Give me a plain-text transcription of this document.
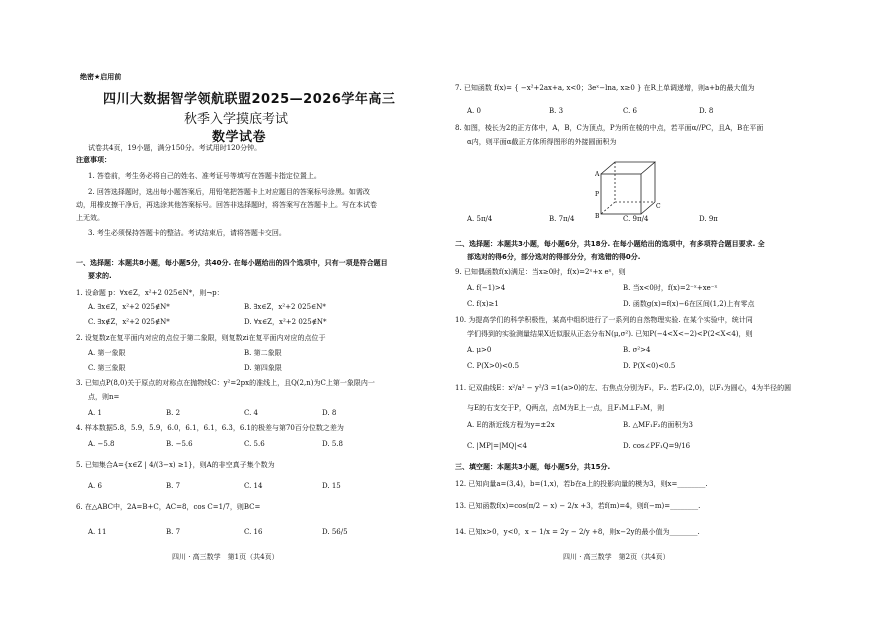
绝密★启用前
四川大数据智学领航联盟2025—2026学年高三
秋季入学摸底考试
数学试卷
试卷共4页，19小题，满分150分。考试用时120分钟。
注意事项：
1. 答卷前，考生务必将自己的姓名、准考证号等填写在答题卡指定位置上。
2. 回答选择题时，选出每小题答案后，用铅笔把答题卡上对应题目的答案标号涂黑。如需改
动，用橡皮擦干净后，再选涂其他答案标号。回答非选择题时，将答案写在答题卡上。写在本试卷
上无效。
3. 考生必须保持答题卡的整洁。考试结束后，请将答题卡交回。
一、选择题：本题共8小题，每小题5分，共40分. 在每小题给出的四个选项中，只有一项是符合题目
要求的.
1. 设命题 p：∀x∈Z，x²+2 025∈N*，则¬p：
A. ∃x∈Z，x²+2 025∉N*	B. ∃x∈Z，x²+2 025∈N*
C. ∃x∉Z，x²+2 025∉N*	D. ∀x∈Z，x²+2 025∉N*
2. 设复数z在复平面内对应的点位于第二象限，则复数zi在复平面内对应的点位于
A. 第一象限	B. 第二象限
C. 第三象限	D. 第四象限
3. 已知点P(8,0)关于原点的对称点在抛物线C：y²=2px的准线上，且Q(2,n)为C上第一象限内一
点，则n=
A. 1	B. 2	C. 4	D. 8
4. 样本数据5.8，5.9，5.9，6.0，6.1，6.1，6.3，6.1的极差与第70百分位数之差为
A. −5.8	B. −5.6	C. 5.6	D. 5.8
5. 已知集合A={x∈Z | 4/(3−x) ≥1}，则A的非空真子集个数为
A. 6	B. 7	C. 14	D. 15
6. 在△ABC中，2A=B+C，AC=8，cos C=1/7，则BC=
A. 11	B. 7	C. 16	D. 56/5
四川 · 高三数学　第1页（共4页）
7. 已知函数 f(x)= { −x²+2ax+a, x<0；3eˣ−lna, x≥0 } 在R上单调递增，则a+b的最大值为
A. 0	B. 3	C. 6	D. 8
8. 如图，棱长为2的正方体中，A，B，C为顶点，P为所在棱的中点，若平面α//PC，且A，B在平面
α内，则平面α截正方体所得图形的外接圆面积为
A
P
B
C
A. 5π/4	B. 7π/4	C. 9π/4	D. 9π
二、选择题：本题共3小题，每小题6分，共18分. 在每小题给出的选项中，有多项符合题目要求. 全
部选对的得6分，部分选对的得部分分，有选错的得0分.
9. 已知偶函数f(x)满足：当x≥0时，f(x)=2ˣ+x eˣ，则
A. f(−1)>4	B. 当x<0时，f(x)=2⁻ˣ+xe⁻ˣ
C. f(x)≥1	D. 函数g(x)=f(x)−6在区间(1,2)上有零点
10. 为提高学们的科学积极性，某高中组织进行了一系列的自然物理实验. 在某个实验中，统计同
学们得到的实验测量结果X近似服从正态分布N(μ,σ²). 已知P(−4<X<−2)<P(2<X<4)，则
A. μ>0	B. σ²>4
C. P(X>0)<0.5	D. P(X<0)<0.5
11. 记双曲线E：x²/a² − y²/3 =1(a>0)的左、右焦点分别为F₁，F₂. 若F₂(2,0)，以F₁为圆心，4为半径的圆
与E的右支交于P，Q两点，点M为E上一点，且F₁M⊥F₂M，则
A. E的渐近线方程为y=±2x	B. △MF₁F₂的面积为3
C. |MP|=|MQ|<4	D. cos∠PF₁Q=9/16
三、填空题：本题共3小题，每小题5分，共15分.
12. 已知向量a=(3,4)，b=(1,x)，若b在a上的投影向量的模为3，则x=________.
13. 已知函数f(x)=cos(π/2 − x) − 2/x +3，若f(m)=4，则f(−m)=________.
14. 已知x>0，y<0，x − 1/x = 2y − 2/y +8，则x−2y的最小值为________.
四川 · 高三数学　第2页（共4页）
